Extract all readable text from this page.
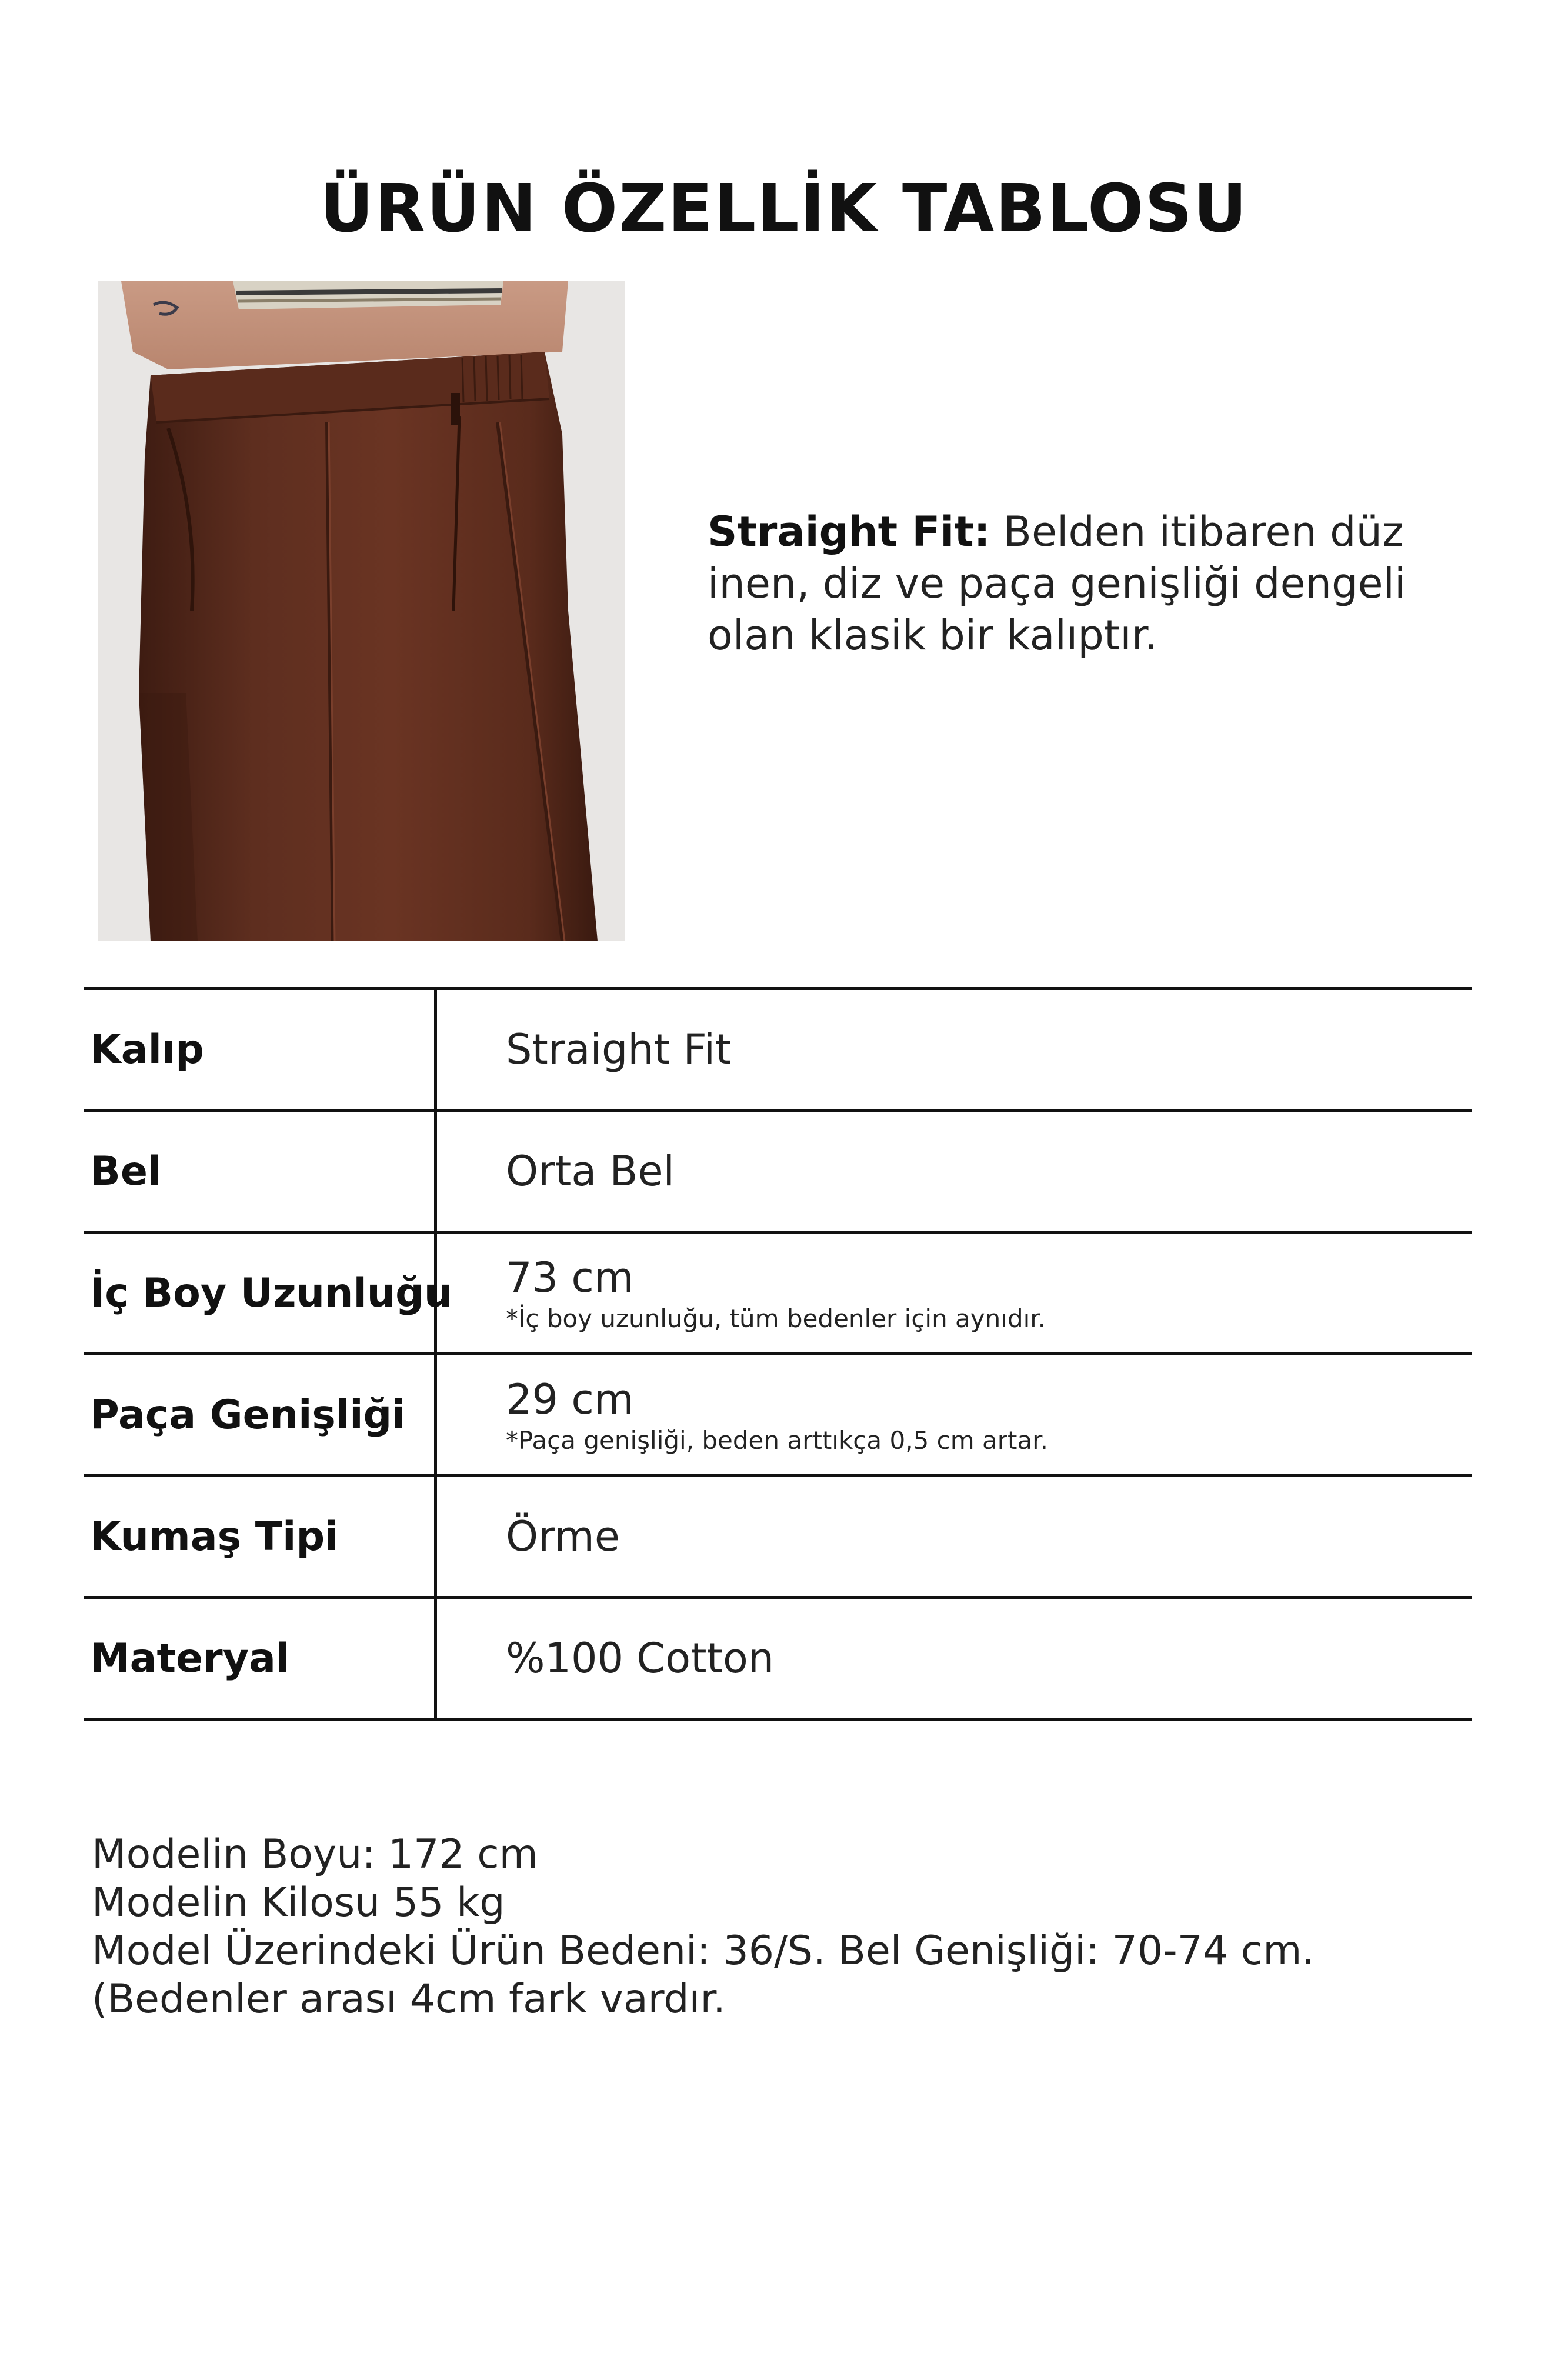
ÜRÜN ÖZELLİK TABLOSU
Straight Fit: Belden itibaren düz inen, diz ve paça genişliği dengeli olan klasik bir kalıptır.
Kalıp	Straight Fit
Bel	Orta Bel
İç Boy Uzunluğu 73 cm
*İç boy uzunluğu, tüm bedenler için aynıdır.
Paça Genişliği 29 cm
*Paça genişliği, beden arttıkça 0,5 cm artar.
Kumaş Tipi	Örme
Materyal	%100 Cotton
Modelin Boyu: 172 cm
Modelin Kilosu 55 kg
Model Üzerindeki Ürün Bedeni: 36/S. Bel Genişliği: 70-74 cm. (Bedenler arası 4cm fark vardır.
